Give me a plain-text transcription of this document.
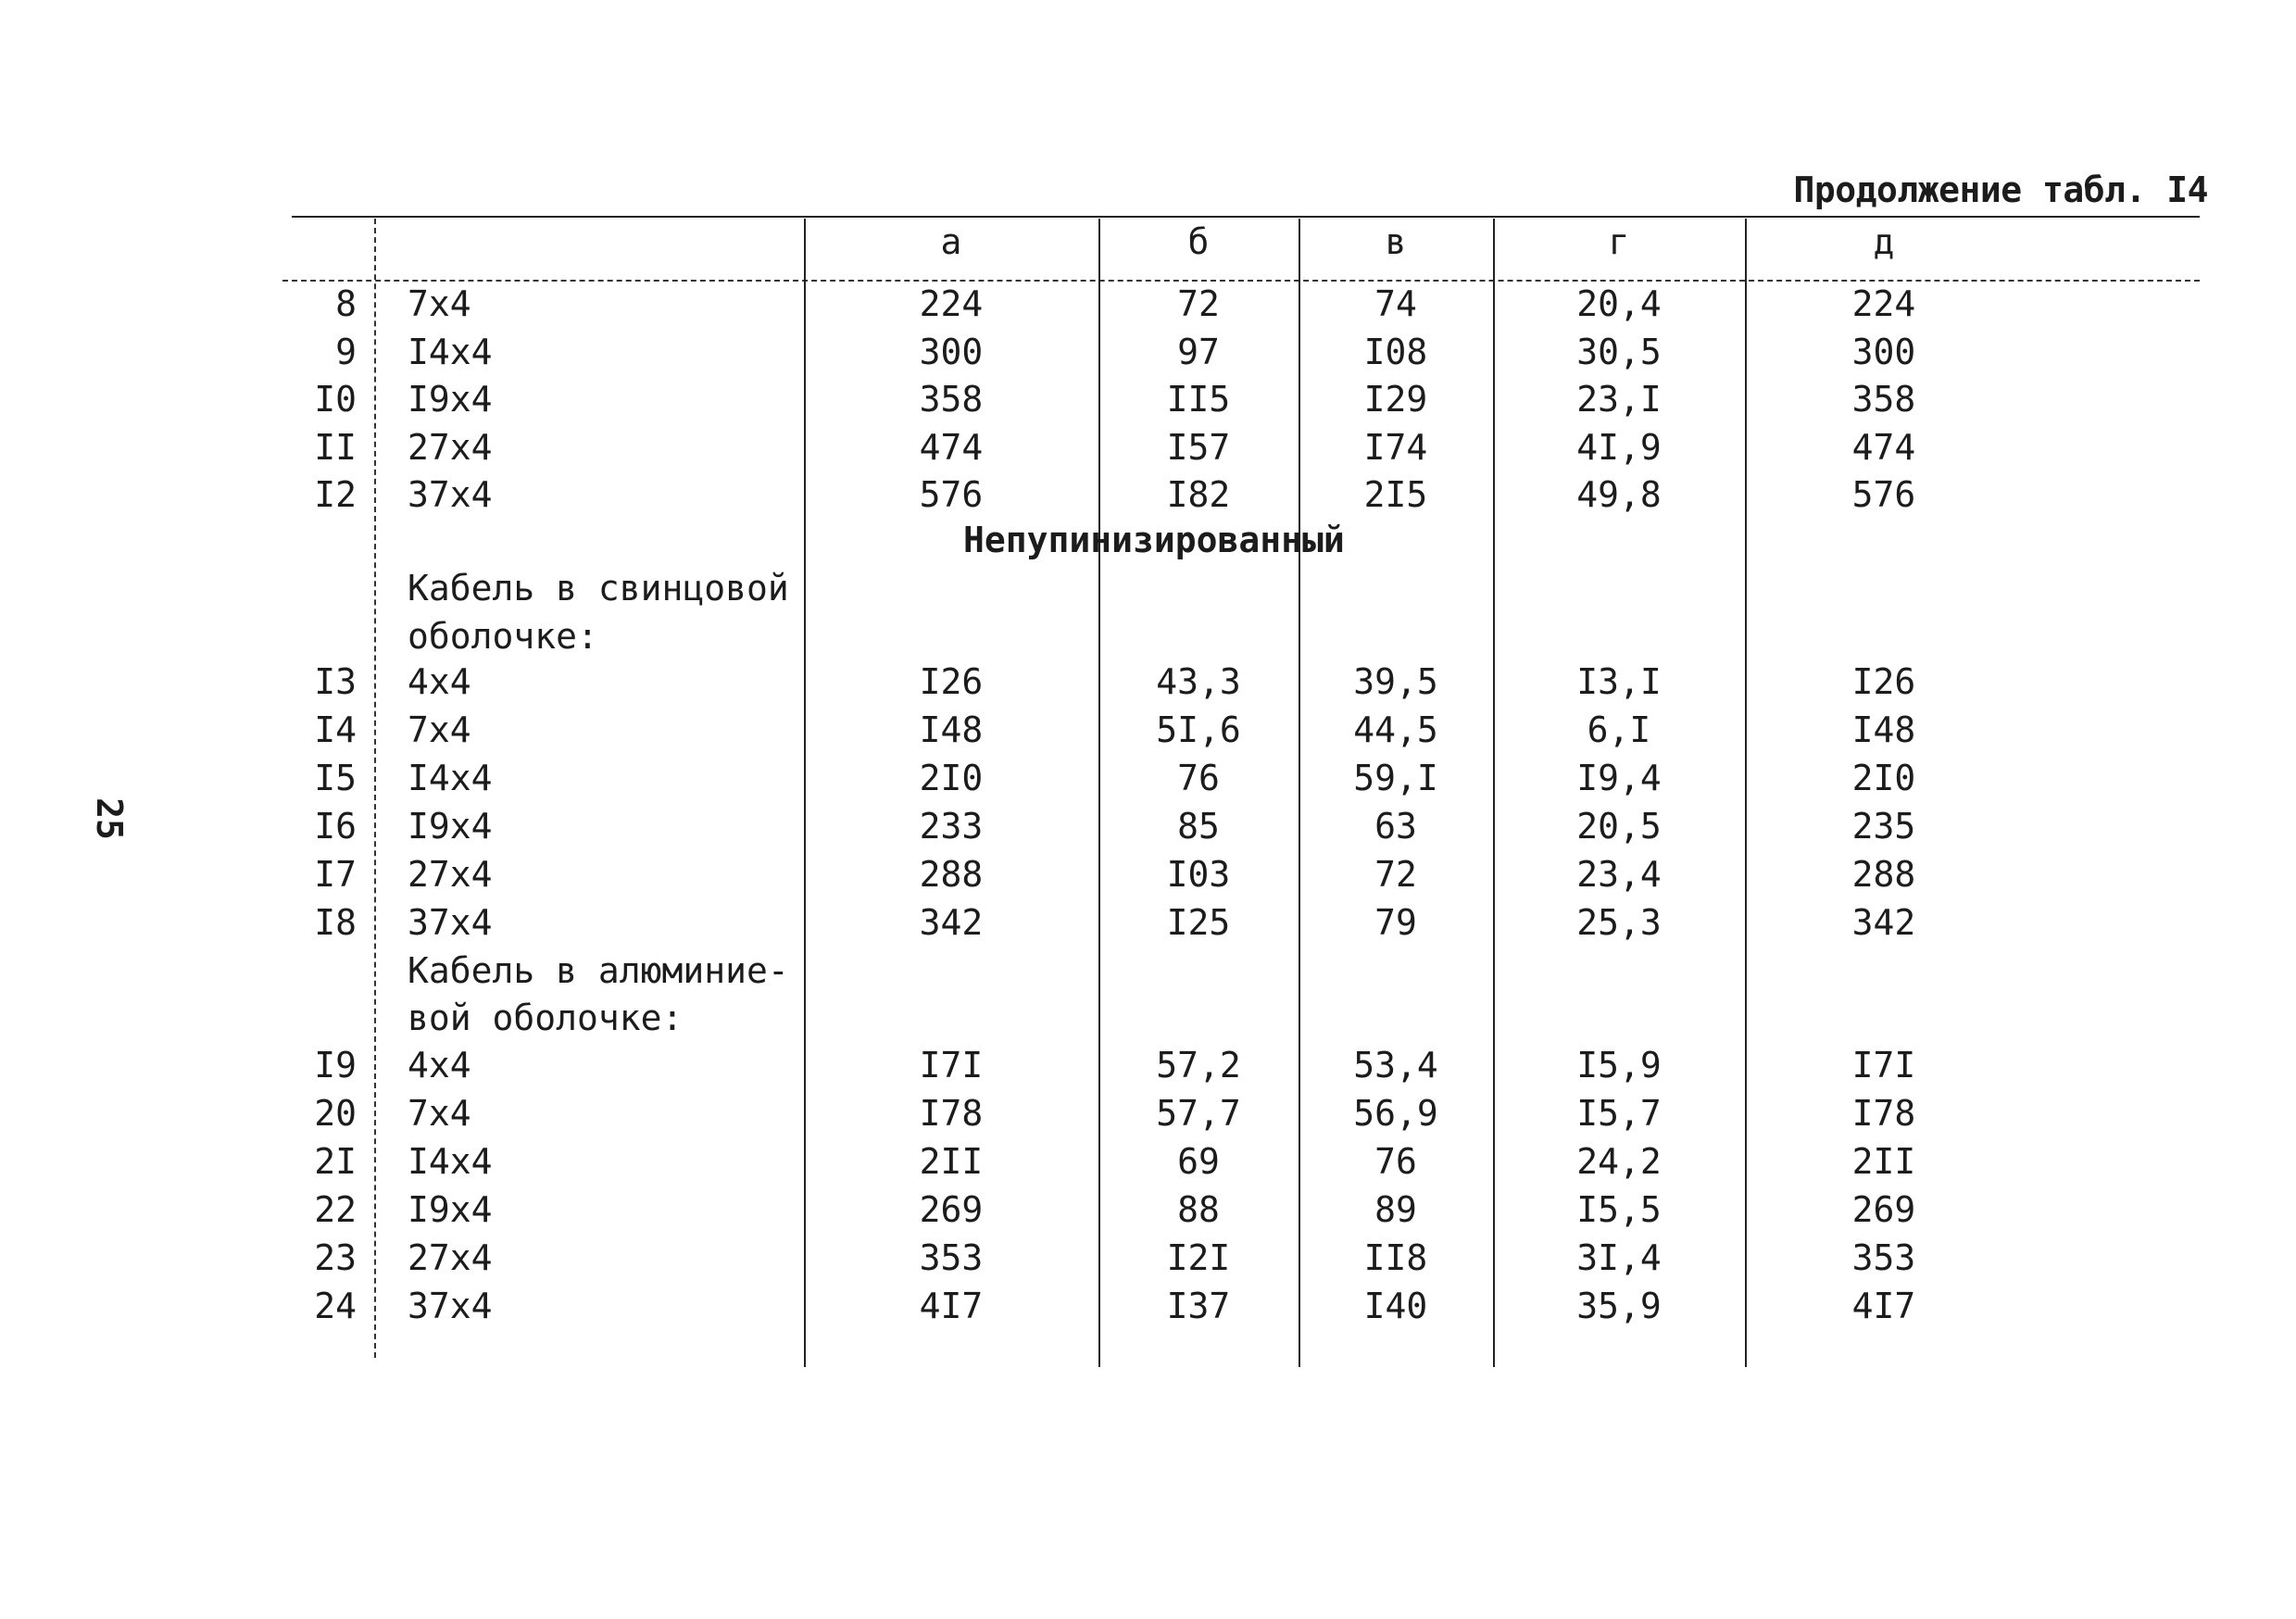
25
Продолжение табл. I4
а	б	в	г	д
8 7x4	224	72	74	20,4	224
9 I4x4	300	97	I08	30,5	300
I0 I9x4	358	II5	I29	23,I	358
II 27x4	474	I57	I74	4I,9	474
I2 37x4	576	I82	2I5	49,8	576
I3 4x4	I26	43,3	39,5	I3,I	I26
I4 7x4	I48	5I,6	44,5	6,I	I48
I5 I4x4	2I0	76	59,I	I9,4	2I0
I6 I9x4	233	85	63	20,5	235
I7 27x4	288	I03	72	23,4	288
I8 37x4	342	I25	79	25,3	342
I9 4x4	I7I	57,2	53,4	I5,9	I7I
20 7x4	I78	57,7	56,9	I5,7	I78
2I I4x4	2II	69	76	24,2	2II
22 I9x4	269	88	89	I5,5	269
23 27x4	353	I2I	II8	3I,4	353
24 37x4	4I7	I37	I40	35,9	4I7
Непупинизированный
Кабель в свинцовой
оболочке:
Кабель в алюминие-
вой оболочке:
